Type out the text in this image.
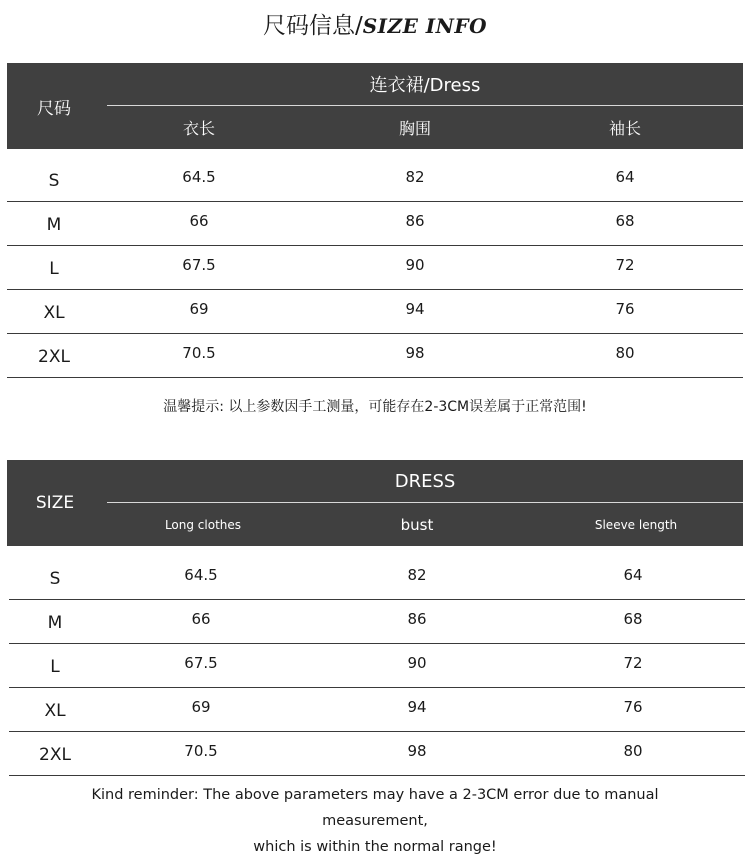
尺码信息/SIZE INFO
尺码
连衣裙/Dress
衣长	胸围	袖长
S	64.5	82	64
M	66	86	68
L	67.5	90	72
XL	69	94	76
2XL	70.5	98	80
温馨提示: 以上参数因手工测量，可能存在2-3CM误差属于正常范围!
SIZE
DRESS
Long clothes	bust	Sleeve length
S	64.5	82	64
M	66	86	68
L	67.5	90	72
XL	69	94	76
2XL	70.5	98	80
Kind reminder: The above parameters may have a 2-3CM error due to manual measurement,
which is within the normal range!
